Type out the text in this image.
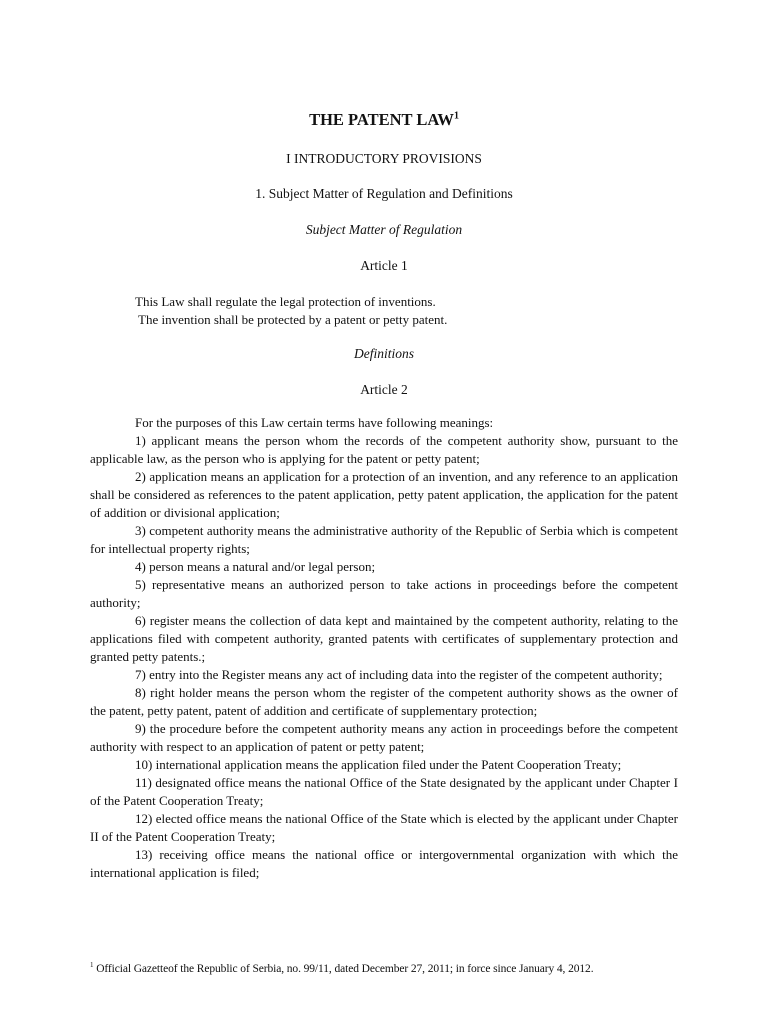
THE PATENT LAW$^1$
I INTRODUCTORY PROVISIONS
1. Subject Matter of Regulation and Definitions
Subject Matter of Regulation
Article 1
This Law shall regulate the legal protection of inventions.
The invention shall be protected by a patent or petty patent.
Definitions
Article 2

For the purposes of this Law certain terms have following meanings:

1) applicant means the person whom the records of the competent authority show, pursuant to the applicable law, as the person who is applying for the patent or petty patent;

2) application means an application for a protection of an invention, and any reference to an application shall be considered as references to the patent application, petty patent application, the application for the patent of addition or divisional application;

3) competent authority means the administrative authority of the Republic of Serbia which is competent for intellectual property rights;

4) person means a natural and/or legal person;

5) representative means an authorized person to take actions in proceedings before the competent authority;

6) register means the collection of data kept and maintained by the competent authority, relating to the applications filed with competent authority, granted patents with certificates of supplementary protection and granted petty patents.;

7) entry into the Register means any act of including data into the register of the competent authority;

8) right holder means the person whom the register of the competent authority shows as the owner of the patent, petty patent, patent of addition and certificate of supplementary protection;

9) the procedure before the competent authority means any action in proceedings before the competent authority with respect to an application of patent or petty patent;

10) international application means the application filed under the Patent Cooperation Treaty;

11) designated office means the national Office of the State designated by the applicant under Chapter I of the Patent Cooperation Treaty;

12) elected office means the national Office of the State which is elected by the applicant under Chapter II of the Patent Cooperation Treaty;

13) receiving office means the national office or intergovernmental organization with which the international application is filed;

$^1$ Official Gazetteof the Republic of Serbia, no. 99/11, dated December 27, 2011; in force since January 4, 2012.
